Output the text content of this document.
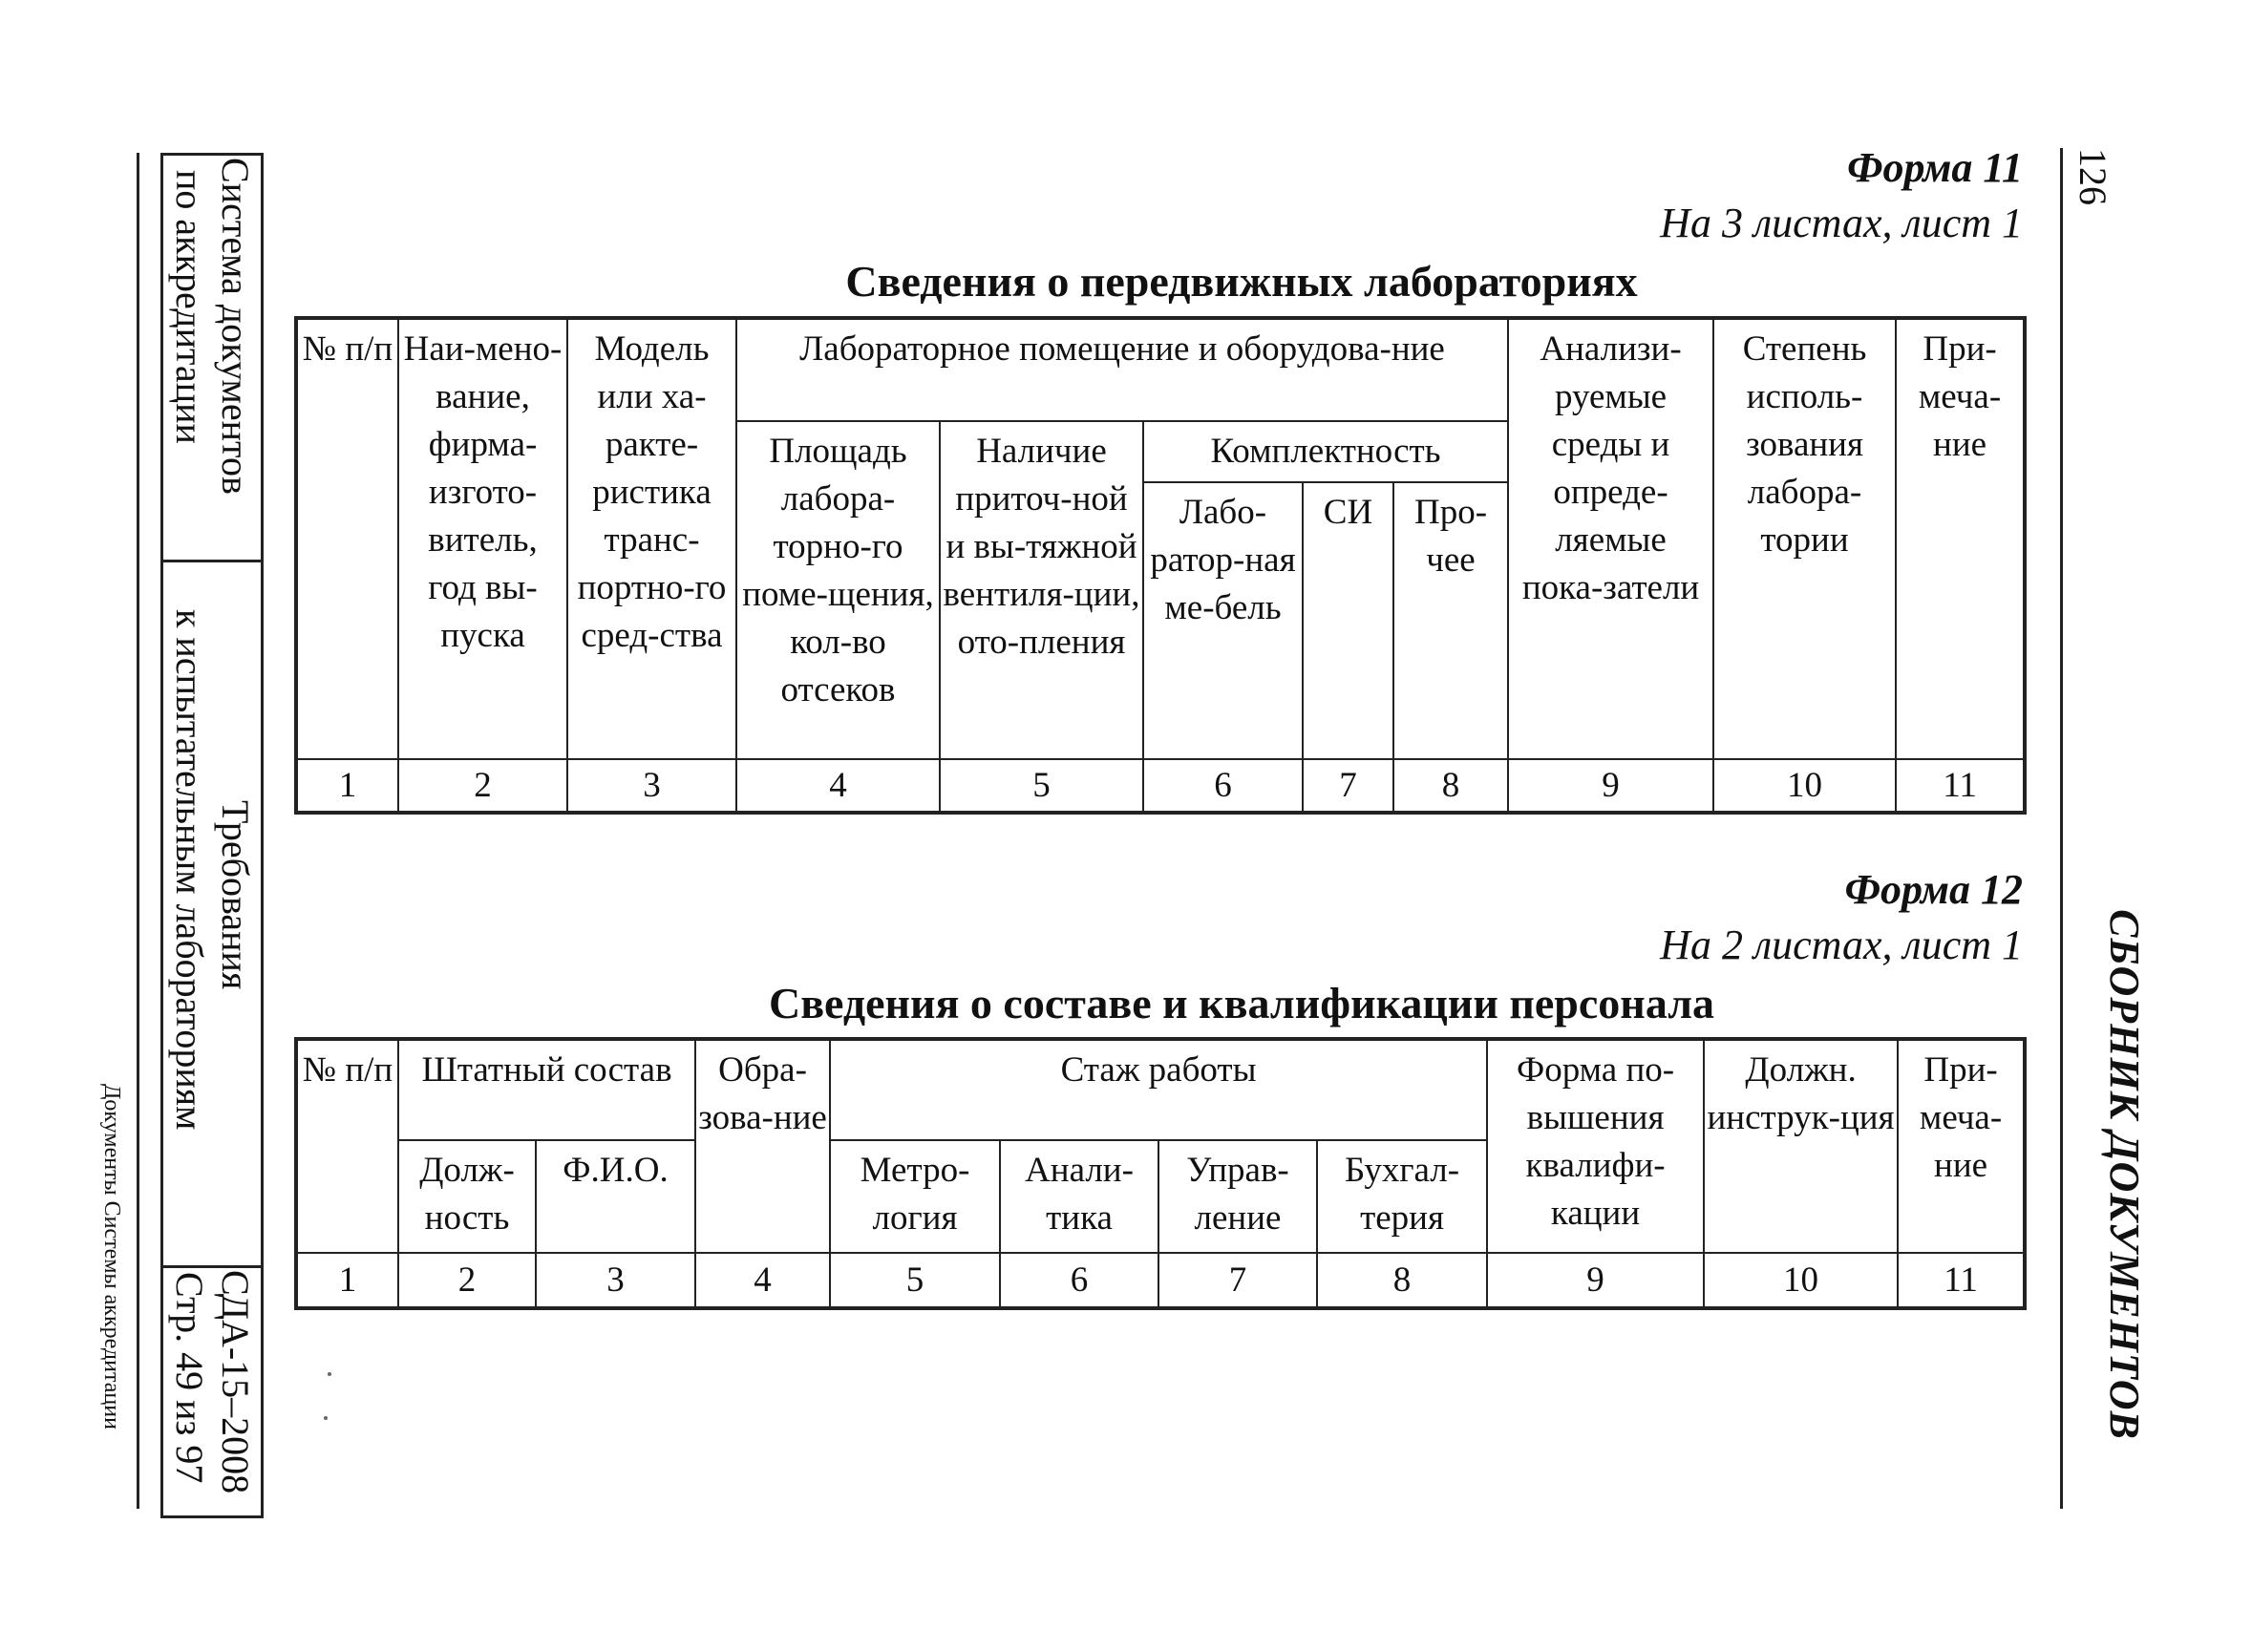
126
СБОРНИК ДОКУМЕНТОВ
Система документов
по аккредитации
Требования
к испытательным лабораториям
СДА-15–2008
Стр. 49 из 97
Документы Системы аккредитации
Форма 11
На 3 листах, лист 1
Сведения о передвижных лабораториях
№ п/п	Наи-мено-вание, фирма-изгото-витель, год вы-пуска	Модель или ха-ракте-ристика транс-портно-го сред-ства	Лабораторное помещение и оборудова-ние					Анализи-руемые среды и опреде-ляемые пока-затели	Степень исполь-зования лабора-тории	При-меча-ние
			Площадь лабора-торно-го поме-щения, кол-во отсеков	Наличие приточ-ной и вы-тяжной вентиля-ции, ото-пления	Комплектность					
					Лабо-ратор-ная ме-бель	СИ	Про-чее			
1	2	3	4	5	6	7	8	9	10	11
Форма 12
На 2 листах, лист 1
Сведения о составе и квалификации персонала
№ п/п	Штатный состав		Обра-зова-ние	Стаж работы				Форма по-вышения квалифи-кации	Должн. инструк-ция	При-меча-ние
	Долж-ность	Ф.И.О.		Метро-логия	Анали-тика	Управ-ление	Бухгал-терия			
1	2	3	4	5	6	7	8	9	10	11
